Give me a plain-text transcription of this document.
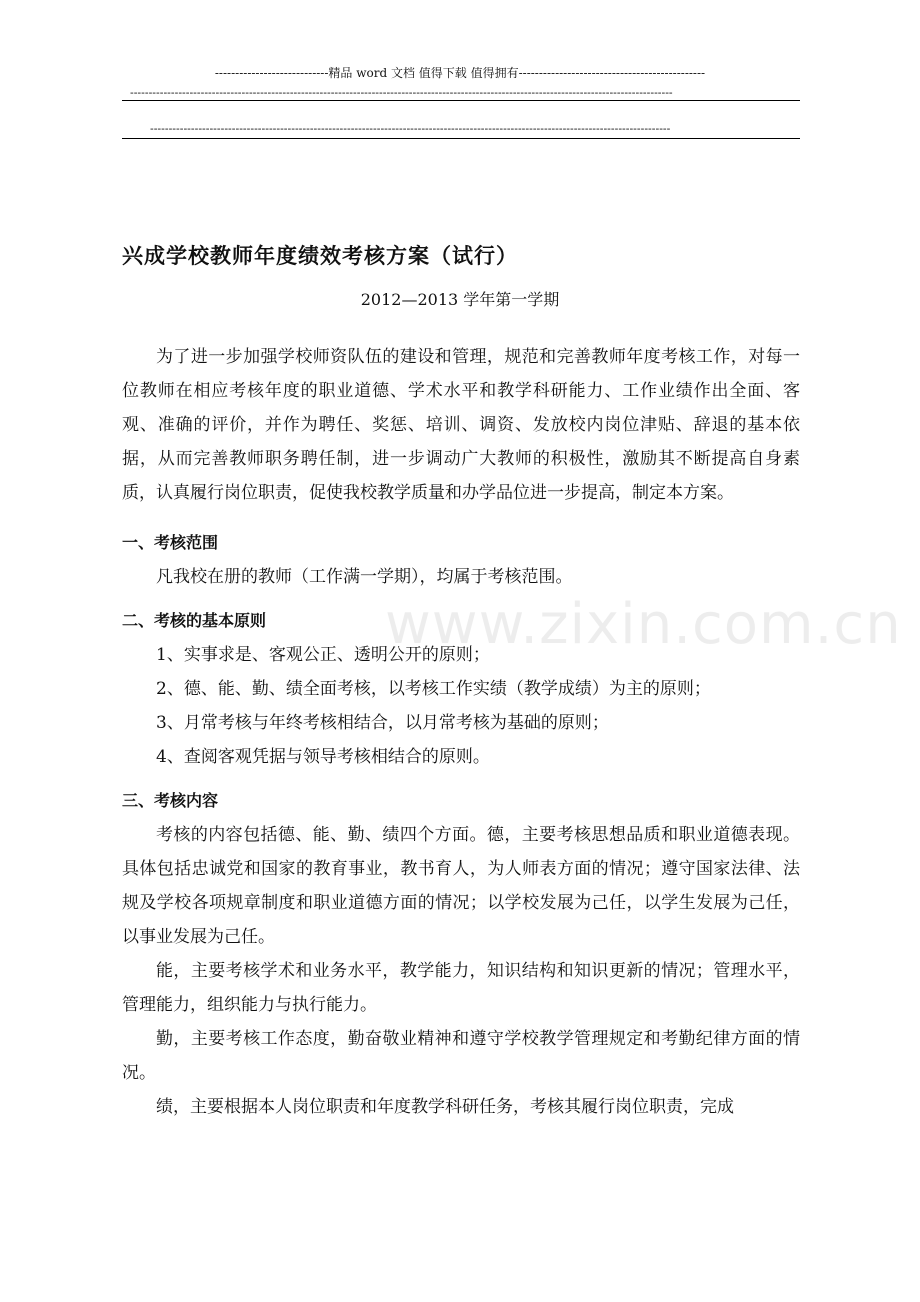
----------------------------精品 word 文档 值得下载 值得拥有----------------------------------------------
--------------------------------------------------------------------------------------------------------------------------------------------------
--------------------------------------------------------------------------------------------------------------------------------------------
兴成学校教师年度绩效考核方案（试行）
2012—2013 学年第一学期

为了进一步加强学校师资队伍的建设和管理，规范和完善教师年度考核工作，对每一位教师在相应考核年度的职业道德、学术水平和教学科研能力、工作业绩作出全面、客观、准确的评价，并作为聘任、奖惩、培训、调资、发放校内岗位津贴、辞退的基本依据，从而完善教师职务聘任制，进一步调动广大教师的积极性，激励其不断提高自身素质，认真履行岗位职责，促使我校教学质量和办学品位进一步提高，制定本方案。

一、考核范围

凡我校在册的教师（工作满一学期），均属于考核范围。

二、考核的基本原则

1、实事求是、客观公正、透明公开的原则；

2、德、能、勤、绩全面考核，以考核工作实绩（教学成绩）为主的原则；

3、月常考核与年终考核相结合，以月常考核为基础的原则；

4、查阅客观凭据与领导考核相结合的原则。

三、考核内容

考核的内容包括德、能、勤、绩四个方面。德，主要考核思想品质和职业道德表现。具体包括忠诚党和国家的教育事业，教书育人，为人师表方面的情况；遵守国家法律、法规及学校各项规章制度和职业道德方面的情况；以学校发展为己任，以学生发展为己任，以事业发展为己任。

能，主要考核学术和业务水平，教学能力，知识结构和知识更新的情况；管理水平，管理能力，组织能力与执行能力。

勤，主要考核工作态度，勤奋敬业精神和遵守学校教学管理规定和考勤纪律方面的情况。

绩，主要根据本人岗位职责和年度教学科研任务，考核其履行岗位职责，完成

www.zixin.com.cn
